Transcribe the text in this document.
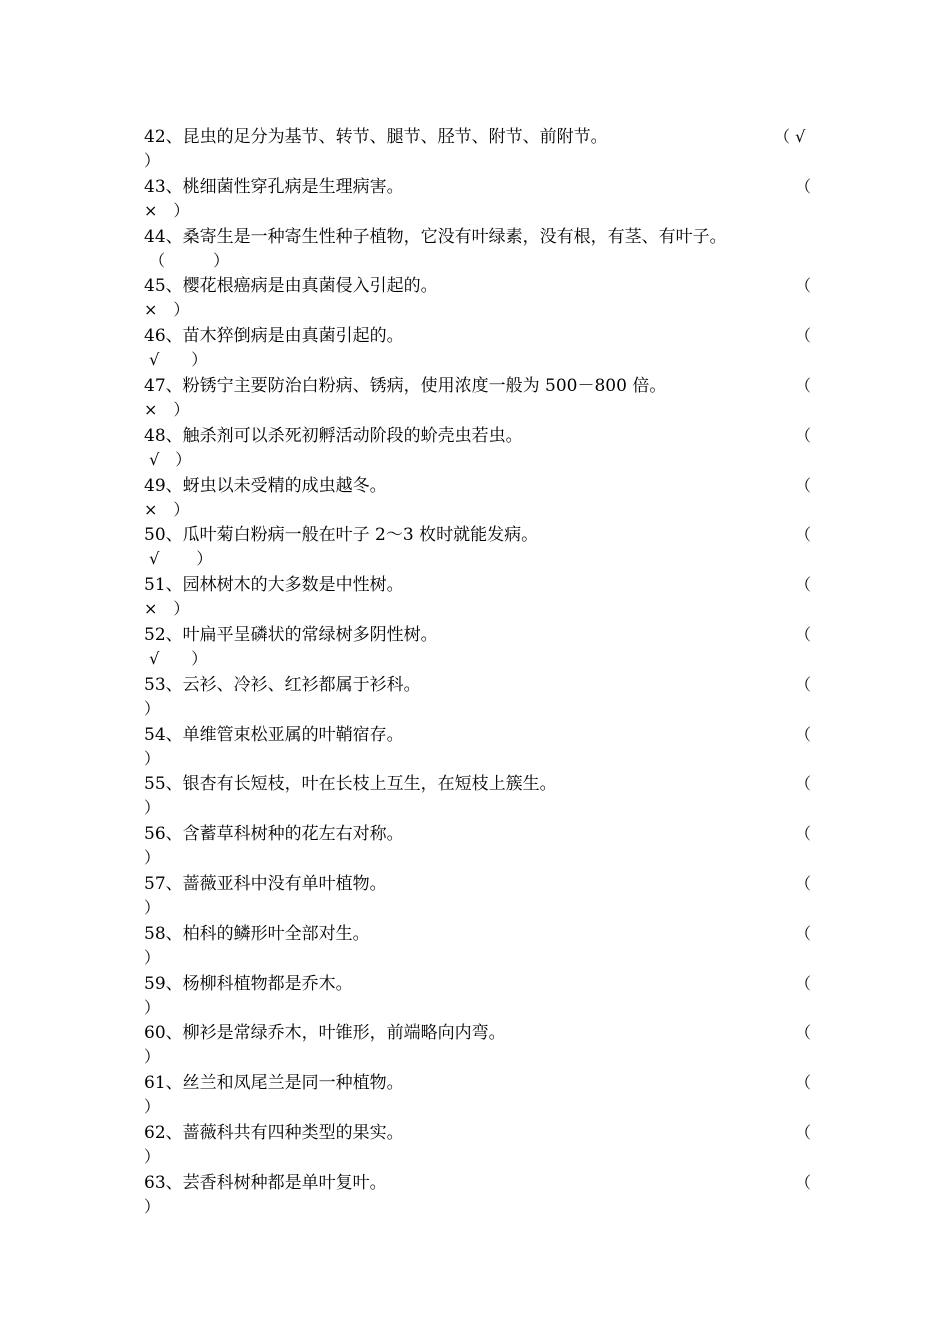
42、昆虫的足分为基节、转节、腿节、胫节、附节、前附节。	（ √
）
43、桃细菌性穿孔病是生理病害。	（
×　）
44、桑寄生是一种寄生性种子植物，它没有叶绿素，没有根，有茎、有叶子。
（　　　）
45、樱花根癌病是由真菌侵入引起的。	（
×　）
46、苗木猝倒病是由真菌引起的。	（
√　　）
47、粉锈宁主要防治白粉病、锈病，使用浓度一般为 500－800 倍。	（
×　）
48、触杀剂可以杀死初孵活动阶段的蚧壳虫若虫。	（
√　）
49、蚜虫以未受精的成虫越冬。	（
×　）
50、瓜叶菊白粉病一般在叶子 2～3 枚时就能发病。	（
√　　 ）
51、园林树木的大多数是中性树。	（
×　）
52、叶扁平呈磷状的常绿树多阴性树。	（
√　　）
53、云衫、冷衫、红衫都属于衫科。	（
）
54、单维管束松亚属的叶鞘宿存。	（
）
55、银杏有长短枝，叶在长枝上互生，在短枝上簇生。	（
）
56、含蓄草科树种的花左右对称。	（
）
57、蔷薇亚科中没有单叶植物。	（
）
58、柏科的鳞形叶全部对生。	（
）
59、杨柳科植物都是乔木。	（
）
60、柳衫是常绿乔木，叶锥形，前端略向内弯。	（
）
61、丝兰和凤尾兰是同一种植物。	（
）
62、蔷薇科共有四种类型的果实。	（
）
63、芸香科树种都是单叶复叶。	（
）
